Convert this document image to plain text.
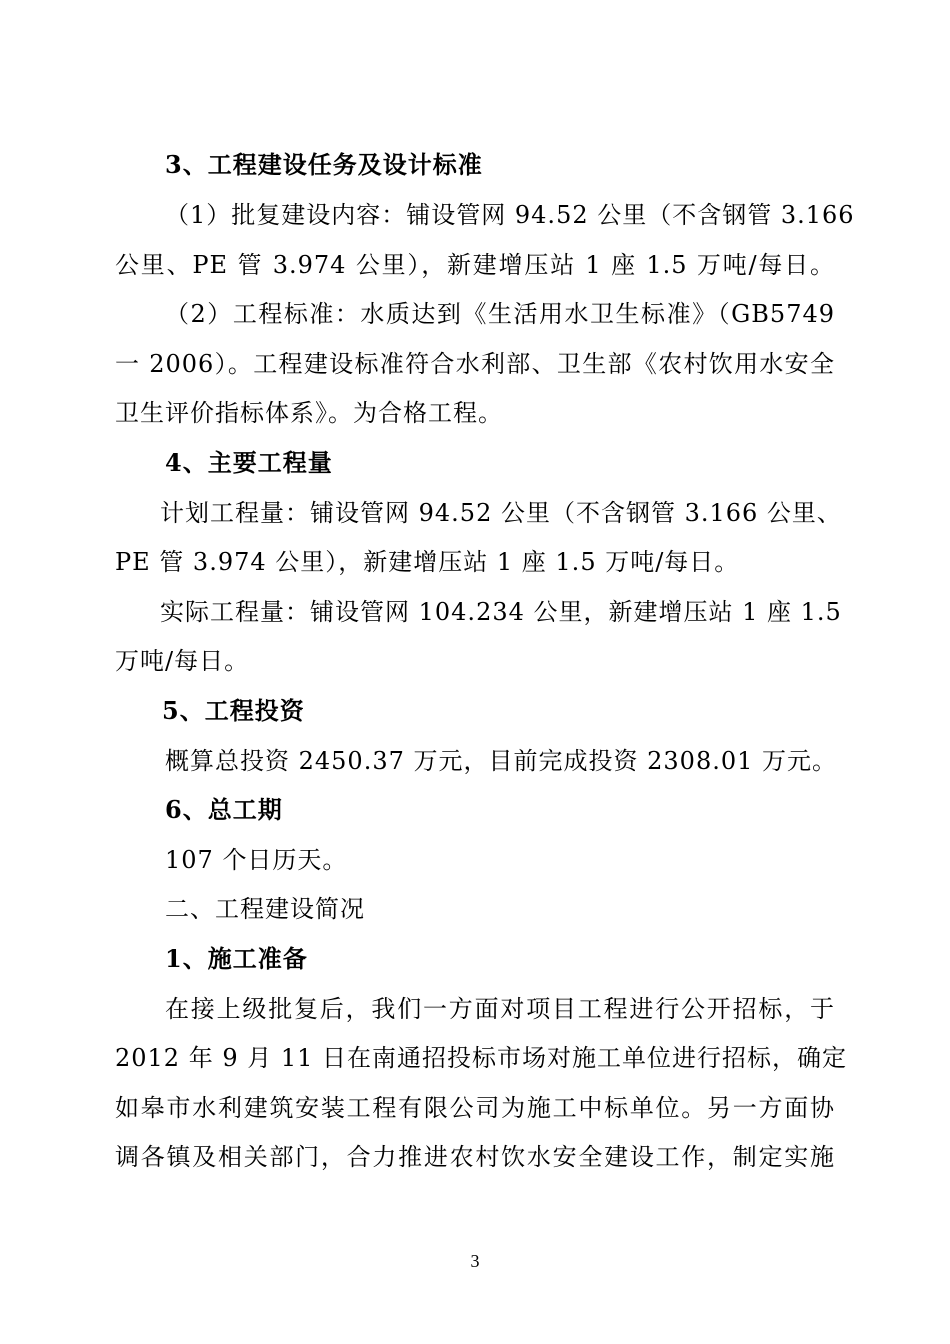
3、工程建设任务及设计标准
（1）批复建设内容：铺设管网 94.52 公里（不含钢管 3.166
公里、PE 管 3.974 公里），新建增压站 1 座 1.5 万吨/每日。
（2）工程标准：水质达到《生活用水卫生标准》（GB5749
一 2006）。工程建设标准符合水利部、卫生部《农村饮用水安全
卫生评价指标体系》。为合格工程。
4、主要工程量
计划工程量：铺设管网 94.52 公里（不含钢管 3.166 公里、
PE 管 3.974 公里），新建增压站 1 座 1.5 万吨/每日。
实际工程量：铺设管网 104.234 公里，新建增压站 1 座 1.5
万吨/每日。
5、工程投资
概算总投资 2450.37 万元，目前完成投资 2308.01 万元。
6、总工期
107 个日历天。
二、工程建设简况
1、施工准备
在接上级批复后，我们一方面对项目工程进行公开招标，于
2012 年 9 月 11 日在南通招投标市场对施工单位进行招标，确定
如皋市水利建筑安装工程有限公司为施工中标单位。另一方面协
调各镇及相关部门，合力推进农村饮水安全建设工作，制定实施
3
